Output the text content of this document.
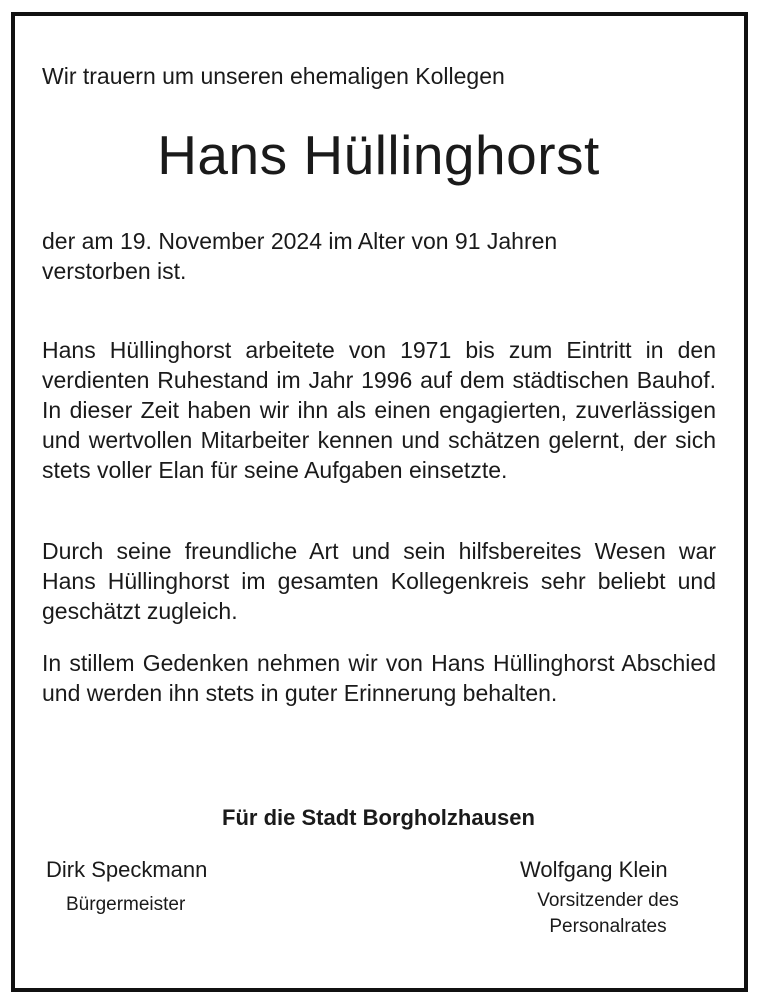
Wir trauern um unseren ehemaligen Kollegen
Hans Hüllinghorst
der am 19. November 2024 im Alter von 91 Jahren
verstorben ist.
Hans Hüllinghorst arbeitete von 1971 bis zum Eintritt in den verdienten Ruhestand im Jahr 1996 auf dem städtischen Bauhof. In dieser Zeit haben wir ihn als einen engagierten, zuverlässigen und wertvollen Mitarbeiter kennen und schätzen gelernt, der sich stets voller Elan für seine Aufgaben einsetzte.
Durch seine freundliche Art und sein hilfsbereites Wesen war Hans Hüllinghorst im gesamten Kollegenkreis sehr beliebt und geschätzt zugleich.
In stillem Gedenken nehmen wir von Hans Hüllinghorst Abschied und werden ihn stets in guter Erinnerung behalten.
Für die Stadt Borgholzhausen
Dirk Speckmann
Bürgermeister
Wolfgang Klein
Vorsitzender des
Personalrates
